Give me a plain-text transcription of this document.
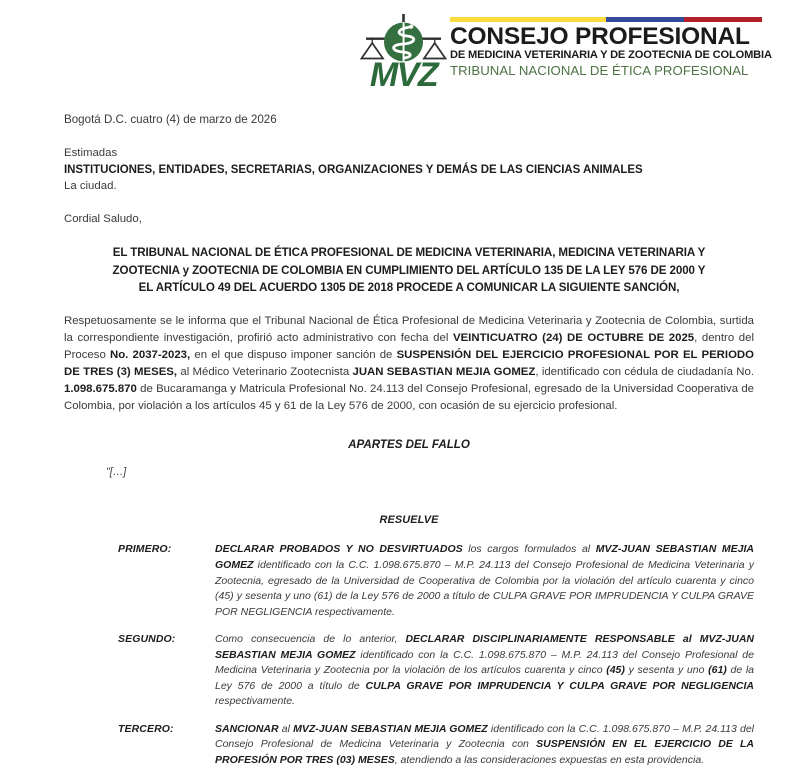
MVZ
CONSEJO PROFESIONAL
DE MEDICINA VETERINARIA Y DE ZOOTECNIA DE COLOMBIA
TRIBUNAL NACIONAL DE ÉTICA PROFESIONAL
Bogotá D.C. cuatro (4) de marzo de 2026
Estimadas
INSTITUCIONES, ENTIDADES, SECRETARIAS, ORGANIZACIONES Y DEMÁS DE LAS CIENCIAS ANIMALES
La ciudad.
Cordial Saludo,
EL TRIBUNAL NACIONAL DE ÉTICA PROFESIONAL DE MEDICINA VETERINARIA, MEDICINA VETERINARIA Y
ZOOTECNIA y ZOOTECNIA DE COLOMBIA EN CUMPLIMIENTO DEL ARTÍCULO 135 DE LA LEY 576 DE 2000 Y
EL ARTÍCULO 49 DEL ACUERDO 1305 DE 2018 PROCEDE A COMUNICAR LA SIGUIENTE SANCIÓN,
Respetuosamente se le informa que el Tribunal Nacional de Ética Profesional de Medicina Veterinaria y Zootecnia de Colombia, surtida la correspondiente investigación, profirió acto administrativo con fecha del VEINTICUATRO (24) DE OCTUBRE DE 2025, dentro del Proceso No. 2037-2023, en el que dispuso imponer sanción de SUSPENSIÓN DEL EJERCICIO PROFESIONAL POR EL PERIODO DE TRES (3) MESES, al Médico Veterinario Zootecnista JUAN SEBASTIAN MEJIA GOMEZ, identificado con cédula de ciudadanía No. 1.098.675.870 de Bucaramanga y Matricula Profesional No. 24.113 del Consejo Profesional, egresado de la Universidad Cooperativa de Colombia, por violación a los artículos 45 y 61 de la Ley 576 de 2000, con ocasión de su ejercicio profesional.
APARTES DEL FALLO
"[…]
RESUELVE
PRIMERO:	DECLARAR PROBADOS Y NO DESVIRTUADOS los cargos formulados al MVZ-JUAN SEBASTIAN MEJIA GOMEZ identificado con la C.C. 1.098.675.870 – M.P. 24.113 del Consejo Profesional de Medicina Veterinaria y Zootecnia, egresado de la Universidad de Cooperativa de Colombia por la violación del artículo cuarenta y cinco (45) y sesenta y uno (61) de la Ley 576 de 2000 a título de CULPA GRAVE POR IMPRUDENCIA Y CULPA GRAVE POR NEGLIGENCIA respectivamente.
SEGUNDO:	Como consecuencia de lo anterior, DECLARAR DISCIPLINARIAMENTE RESPONSABLE al MVZ-JUAN SEBASTIAN MEJIA GOMEZ identificado con la C.C. 1.098.675.870 – M.P. 24.113 del Consejo Profesional de Medicina Veterinaria y Zootecnia por la violación de los artículos cuarenta y cinco (45) y sesenta y uno (61) de la Ley 576 de 2000 a título de CULPA GRAVE POR IMPRUDENCIA Y CULPA GRAVE POR NEGLIGENCIA respectivamente.
TERCERO:	SANCIONAR al MVZ-JUAN SEBASTIAN MEJIA GOMEZ identificado con la C.C. 1.098.675.870 – M.P. 24.113 del Consejo Profesional de Medicina Veterinaria y Zootecnia con SUSPENSIÓN EN EL EJERCICIO DE LA PROFESIÓN POR TRES (03) MESES, atendiendo a las consideraciones expuestas en esta providencia.
